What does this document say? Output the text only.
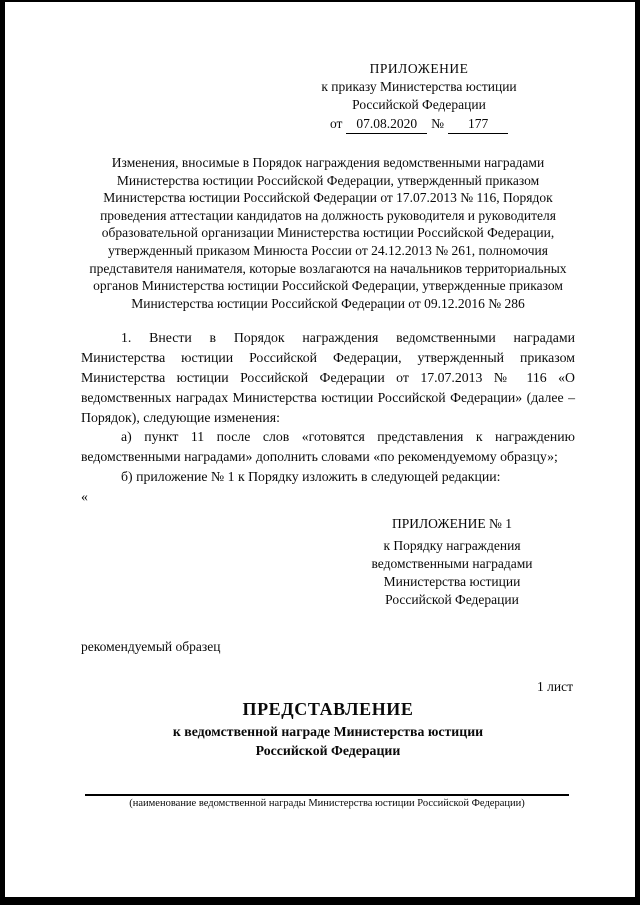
ПРИЛОЖЕНИЕ
к приказу Министерства юстиции
Российской Федерации
от 07.08.2020 № 177
Изменения, вносимые в Порядок награждения ведомственными наградами Министерства юстиции Российской Федерации, утвержденный приказом Министерства юстиции Российской Федерации от 17.07.2013 № 116, Порядок проведения аттестации кандидатов на должность руководителя и руководителя образовательной организации Министерства юстиции Российской Федерации, утвержденный приказом Минюста России от 24.12.2013 № 261, полномочия представителя нанимателя, которые возлагаются на начальников территориальных органов Министерства юстиции Российской Федерации, утвержденные приказом Министерства юстиции Российской Федерации от 09.12.2016 № 286
1. Внести в Порядок награждения ведомственными наградами Министерства юстиции Российской Федерации, утвержденный приказом Министерства юстиции Российской Федерации от 17.07.2013 № 116 «О ведомственных наградах Министерства юстиции Российской Федерации» (далее – Порядок), следующие изменения:
а) пункт 11 после слов «готовятся представления к награждению ведомственными наградами» дополнить словами «по рекомендуемому образцу»;
б) приложение № 1 к Порядку изложить в следующей редакции:
«
ПРИЛОЖЕНИЕ № 1
к Порядку награждения
ведомственными наградами
Министерства юстиции
Российской Федерации
рекомендуемый образец
1 лист
ПРЕДСТАВЛЕНИЕ
к ведомственной награде Министерства юстиции
Российской Федерации
(наименование ведомственной награды Министерства юстиции Российской Федерации)
